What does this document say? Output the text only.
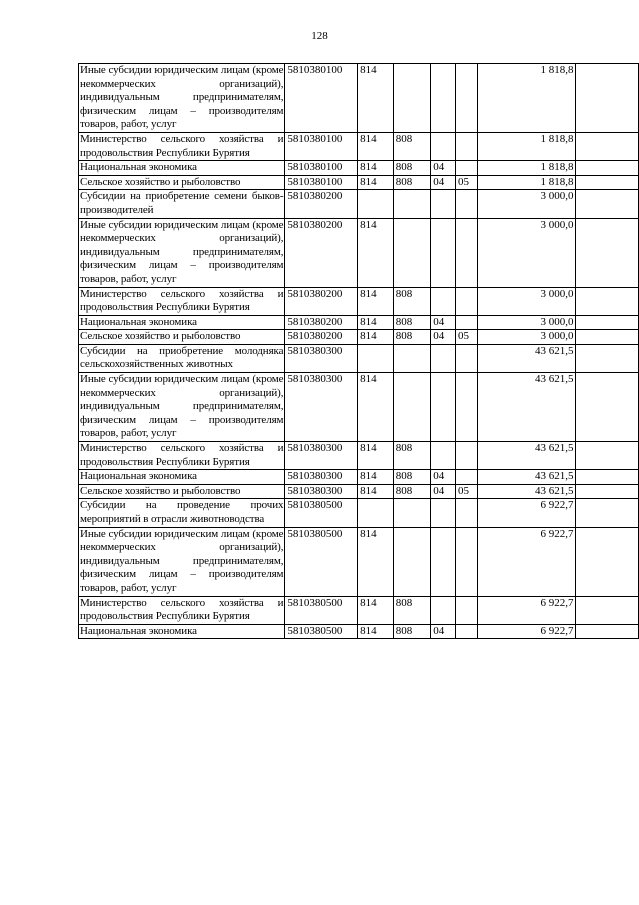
128
Иные субсидии юридическим лицам (кроме некоммерческих организаций), индивидуальным предпринимателям, физическим лицам – производителям товаров, работ, услуг	5810380100	814				1 818,8	
Министерство сельского хозяйства и продовольствия Республики Бурятия	5810380100	814	808			1 818,8	
Национальная экономика	5810380100	814	808	04		1 818,8	
Сельское хозяйство и рыболовство	5810380100	814	808	04	05	1 818,8	
Субсидии на приобретение семени быков-производителей	5810380200					3 000,0	
Иные субсидии юридическим лицам (кроме некоммерческих организаций), индивидуальным предпринимателям, физическим лицам – производителям товаров, работ, услуг	5810380200	814				3 000,0	
Министерство сельского хозяйства и продовольствия Республики Бурятия	5810380200	814	808			3 000,0	
Национальная экономика	5810380200	814	808	04		3 000,0	
Сельское хозяйство и рыболовство	5810380200	814	808	04	05	3 000,0	
Субсидии на приобретение молодняка сельскохозяйственных животных	5810380300					43 621,5	
Иные субсидии юридическим лицам (кроме некоммерческих организаций), индивидуальным предпринимателям, физическим лицам – производителям товаров, работ, услуг	5810380300	814				43 621,5	
Министерство сельского хозяйства и продовольствия Республики Бурятия	5810380300	814	808			43 621,5	
Национальная экономика	5810380300	814	808	04		43 621,5	
Сельское хозяйство и рыболовство	5810380300	814	808	04	05	43 621,5	
Субсидии на проведение прочих мероприятий в отрасли животноводства	5810380500					6 922,7	
Иные субсидии юридическим лицам (кроме некоммерческих организаций), индивидуальным предпринимателям, физическим лицам – производителям товаров, работ, услуг	5810380500	814				6 922,7	
Министерство сельского хозяйства и продовольствия Республики Бурятия	5810380500	814	808			6 922,7	
Национальная экономика	5810380500	814	808	04		6 922,7	
